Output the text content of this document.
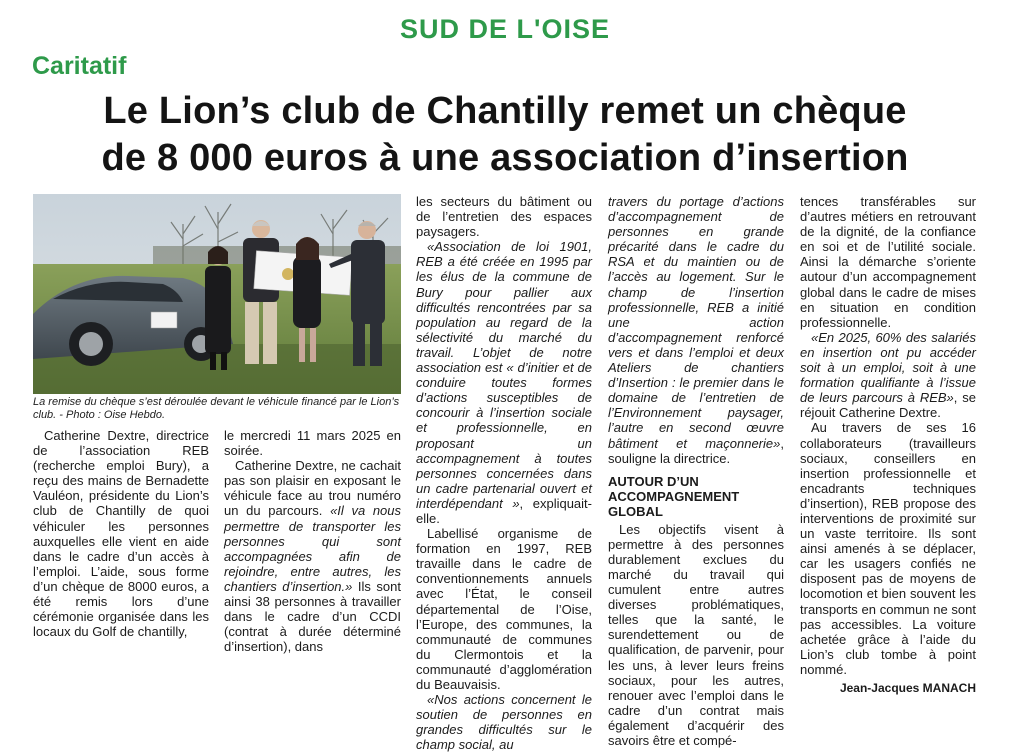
SUD DE L'OISE
Caritatif
Le Lion’s club de Chantilly remet un chèque
de 8 000 euros à une association d’insertion
La remise du chèque s’est déroulée devant le véhicule financé par le Lion’s club. - Photo : Oise Hebdo.

Catherine Dextre, directrice de l’association REB (recherche emploi Bury), a reçu des mains de Bernadette Vauléon, présidente du Lion’s club de Chantilly de quoi véhiculer les personnes auxquelles elle vient en aide dans le cadre d’un accès à l’emploi. L’aide, sous forme d’un chèque de 8000 euros, a été remis lors d’une cérémonie organisée dans les locaux du Golf de chantilly,

le mercredi 11 mars 2025 en soirée.

Catherine Dextre, ne cachait pas son plaisir en exposant le véhicule face au trou numéro un du parcours. «Il va nous permettre de transporter les personnes qui sont accompagnées afin de rejoindre, entre autres, les chantiers d’insertion.» Ils sont ainsi 38 personnes à travailler dans le cadre d’un CCDI (contrat à durée déterminé d’insertion), dans

les secteurs du bâtiment ou de l’entretien des espaces paysagers.

«Association de loi 1901, REB a été créée en 1995 par les élus de la commune de Bury pour pallier aux difficultés rencontrées par sa population au regard de la sélectivité du marché du travail. L’objet de notre association est « d’initier et de conduire toutes formes d’actions susceptibles de concourir à l’insertion sociale et professionnelle, en proposant un accompagnement à toutes personnes concernées dans un cadre partenarial ouvert et interdépendant », expliquait-elle.

Labellisé organisme de formation en 1997, REB travaille dans le cadre de conventionnements annuels avec l’État, le conseil départemental de l’Oise, l’Europe, des communes, la communauté de communes du Clermontois et la communauté d’agglomération du Beauvaisis.

«Nos actions concernent le soutien de personnes en grandes difficultés sur le champ social, au

travers du portage d’actions d’accompagnement de personnes en grande précarité dans le cadre du RSA et du maintien ou de l’accès au logement. Sur le champ de l’insertion professionnelle, REB a initié une action d’accompagnement renforcé vers et dans l’emploi et deux Ateliers de chantiers d’Insertion : le premier dans le domaine de l’entretien de l’Environnement paysager, l’autre en second œuvre bâtiment et maçonnerie», souligne la directrice.

AUTOUR D’UN ACCOMPAGNEMENT GLOBAL

Les objectifs visent à permettre à des personnes durablement exclues du marché du travail qui cumulent entre autres diverses problématiques, telles que la santé, le surendettement ou de qualification, de parvenir, pour les uns, à lever leurs freins sociaux, pour les autres, renouer avec l’emploi dans le cadre d’un contrat mais également d’acquérir des savoirs être et compé-

tences transférables sur d’autres métiers en retrouvant de la dignité, de la confiance en soi et de l’utilité sociale. Ainsi la démarche s’oriente autour d’un accompagnement global dans le cadre de mises en situation en condition professionnelle.

«En 2025, 60% des salariés en insertion ont pu accéder soit à un emploi, soit à une formation qualifiante à l’issue de leurs parcours à REB», se réjouit Catherine Dextre.

Au travers de ses 16 collaborateurs (travailleurs sociaux, conseillers en insertion professionnelle et encadrants techniques d’insertion), REB propose des interventions de proximité sur un vaste territoire. Ils sont ainsi amenés à se déplacer, car les usagers confiés ne disposent pas de moyens de locomotion et bien souvent les transports en commun ne sont pas accessibles. La voiture achetée grâce à l’aide du Lion’s club tombe à point nommé.

Jean-Jacques MANACH
